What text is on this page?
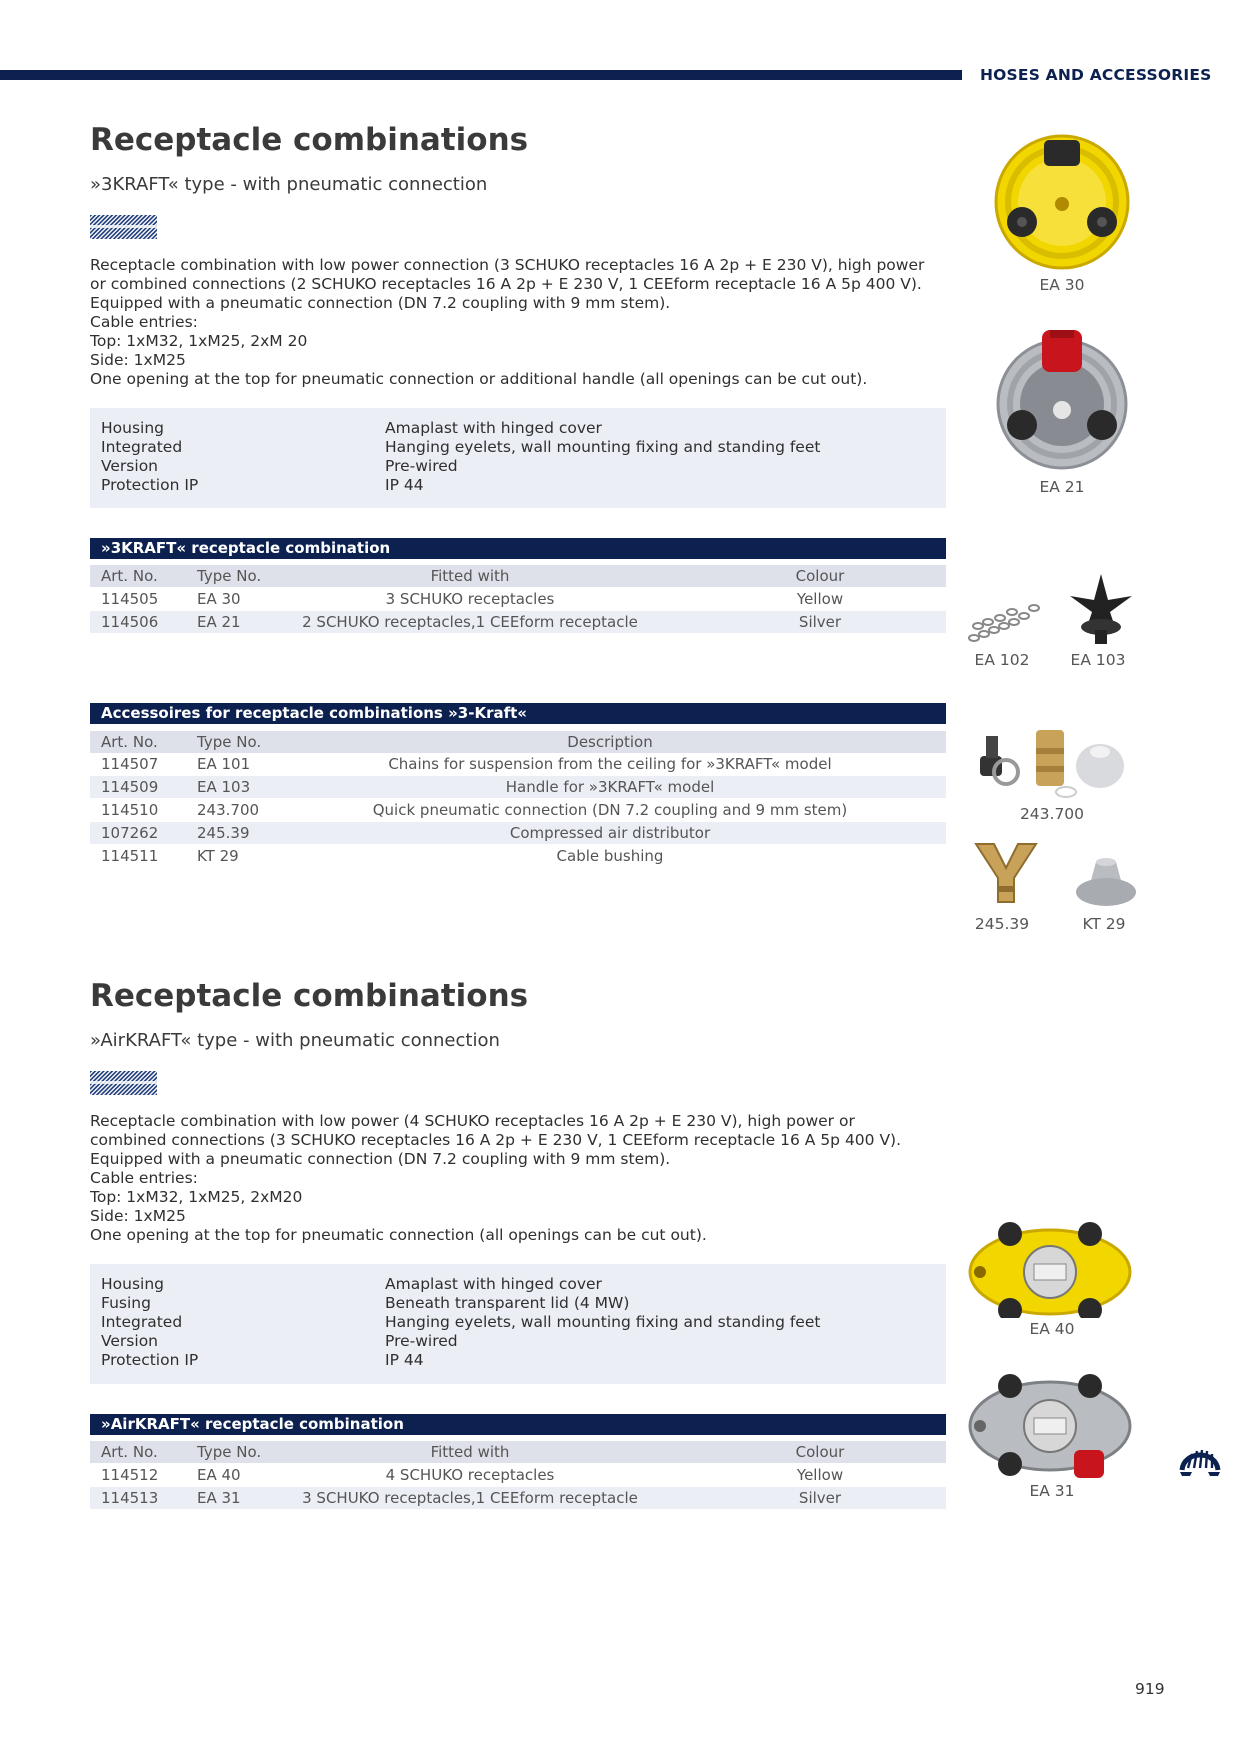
HOSES AND ACCESSORIES
Receptacle combinations
»3KRAFT« type - with pneumatic connection
Receptacle combination with low power connection (3 SCHUKO receptacles 16 A 2p + E 230 V), high power
or combined connections (2 SCHUKO receptacles 16 A 2p + E 230 V, 1 CEEform receptacle 16 A 5p 400 V).
Equipped with a pneumatic connection (DN 7.2 coupling with 9 mm stem).
Cable entries:
Top: 1xM32, 1xM25, 2xM 20
Side: 1xM25
One opening at the top for pneumatic connection or additional handle (all openings can be cut out).
Housing	Amaplast with hinged cover
Integrated	Hanging eyelets, wall mounting fixing and standing feet
Version	Pre-wired
Protection IP	IP 44
»3KRAFT« receptacle combination
Art. No.	Type No.	Fitted with	Colour
114505	EA 30	3 SCHUKO receptacles	Yellow
114506	EA 21	2 SCHUKO receptacles,1 CEEform receptacle	Silver
Accessoires for receptacle combinations »3-Kraft«
Art. No.	Type No.	Description
114507	EA 101	Chains for suspension from the ceiling for »3KRAFT« model
114509	EA 103	Handle for »3KRAFT« model
114510	243.700	Quick pneumatic connection (DN 7.2 coupling and 9 mm stem)
107262	245.39	Compressed air distributor
114511	KT 29	Cable bushing
Receptacle combinations
»AirKRAFT« type - with pneumatic connection
Receptacle combination with low power (4 SCHUKO receptacles 16 A 2p + E 230 V), high power or
combined connections (3 SCHUKO receptacles 16 A 2p + E 230 V, 1 CEEform receptacle 16 A 5p 400 V).
Equipped with a pneumatic connection (DN 7.2 coupling with 9 mm stem).
Cable entries:
Top: 1xM32, 1xM25, 2xM20
Side: 1xM25
One opening at the top for pneumatic connection (all openings can be cut out).
Housing	Amaplast with hinged cover
Fusing	Beneath transparent lid (4 MW)
Integrated	Hanging eyelets, wall mounting fixing and standing feet
Version	Pre-wired
Protection IP	IP 44
»AirKRAFT« receptacle combination
Art. No.	Type No.	Fitted with	Colour
114512	EA 40	4 SCHUKO receptacles	Yellow
114513	EA 31	3 SCHUKO receptacles,1 CEEform receptacle	Silver
EA 30
EA 21
EA 102	EA 103
243.700
245.39	KT 29
EA 40
EA 31
919
